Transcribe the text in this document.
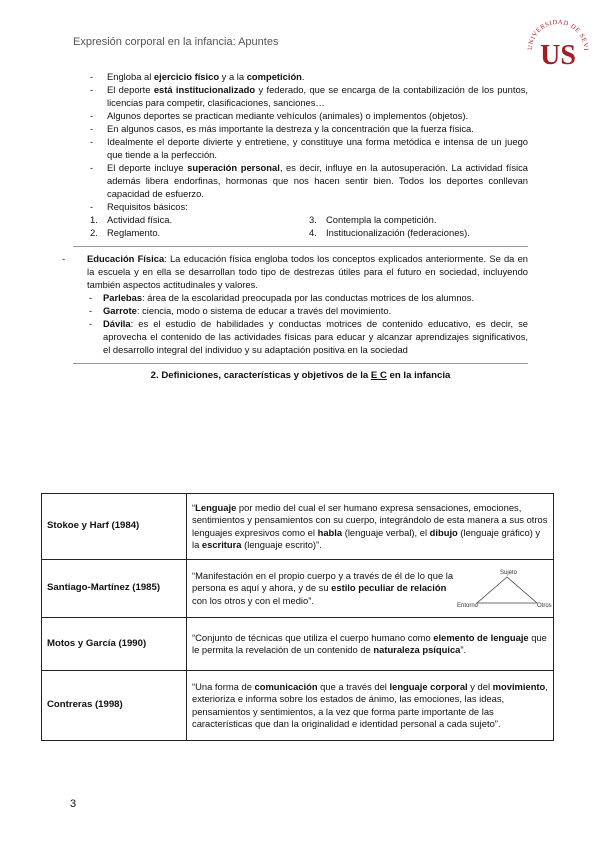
Expresión corporal en la infancia: Apuntes	UNIVERSIDAD DE SEVI
US
- Engloba al ejercicio físico y a la competición.
- El deporte está institucionalizado y federado, que se encarga de la contabilización de los puntos, licencias para competir, clasificaciones, sanciones…
- Algunos deportes se practican mediante vehículos (animales) o implementos (objetos).
- En algunos casos, es más importante la destreza y la concentración que la fuerza física.
- Idealmente el deporte divierte y entretiene, y constituye una forma metódica e intensa de un juego que tiende a la perfección.
- El deporte incluye superación personal, es decir, influye en la autosuperación. La actividad física además libera endorfinas, hormonas que nos hacen sentir bien. Todos los deportes conllevan capacidad de esfuerzo.
- Requisitos básicos:
1. Actividad física.
2. Reglamento.
3. Contempla la competición.
4. Institucionalización (federaciones).
- Educación Física: La educación física engloba todos los conceptos explicados anteriormente. Se da en la escuela y en ella se desarrollan todo tipo de destrezas útiles para el futuro en sociedad, incluyendo también aspectos actitudinales y valores.
- Parlebas: área de la escolaridad preocupada por las conductas motrices de los alumnos.
- Garrote: ciencia, modo o sistema de educar a través del movimiento.
- Dávila: es el estudio de habilidades y conductas motrices de contenido educativo, es decir, se aprovecha el contenido de las actividades físicas para educar y alcanzar aprendizajes significativos, el desarrollo integral del individuo y su adaptación positiva en la sociedad
2. Definiciones, características y objetivos de la E C en la infancia
Stokoe y Harf (1984)	“Lenguaje por medio del cual el ser humano expresa sensaciones, emociones, sentimientos y pensamientos con su cuerpo, integrándolo de esta manera a sus otros lenguajes expresivos como el habla (lenguaje verbal), el dibujo (lenguaje gráfico) y la escritura (lenguaje escrito)”.
Santiago-Martínez (1985)	“Manifestación en el propio cuerpo y a través de él de lo que la persona es aquí y ahora, y de su estilo peculiar de relación con los otros y con el medio”.
Sujeto
Entorno Otros

Motos y García (1990)	“Conjunto de técnicas que utiliza el cuerpo humano como elemento de lenguaje que le permita la revelación de un contenido de naturaleza psíquica”.
Contreras (1998)	“Una forma de comunicación que a través del lenguaje corporal y del movimiento, exterioriza e informa sobre los estados de ánimo, las emociones, las ideas, pensamientos y sentimientos, a la vez que forma parte importante de las características que dan la originalidad e identidad personal a cada sujeto”.
3
